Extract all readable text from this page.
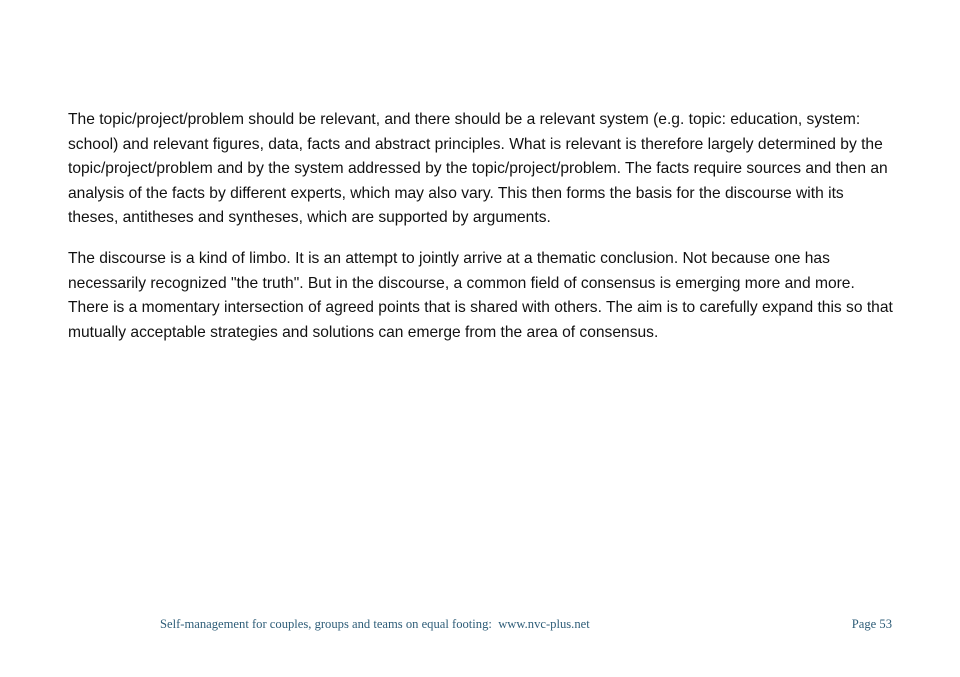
The topic/project/problem should be relevant, and there should be a relevant system (e.g. topic: education, system: school) and relevant figures, data, facts and abstract principles. What is relevant is therefore largely determined by the topic/project/problem and by the system addressed by the topic/project/problem. The facts require sources and then an analysis of the facts by different experts, which may also vary. This then forms the basis for the discourse with its theses, antitheses and syntheses, which are supported by arguments.

The discourse is a kind of limbo. It is an attempt to jointly arrive at a thematic conclusion. Not because one has necessarily recognized "the truth". But in the discourse, a common field of consensus is emerging more and more. There is a momentary intersection of agreed points that is shared with others. The aim is to carefully expand this so that mutually acceptable strategies and solutions can emerge from the area of consensus.

Self-management for couples, groups and teams on equal footing:  www.nvc-plus.net	Page 53
